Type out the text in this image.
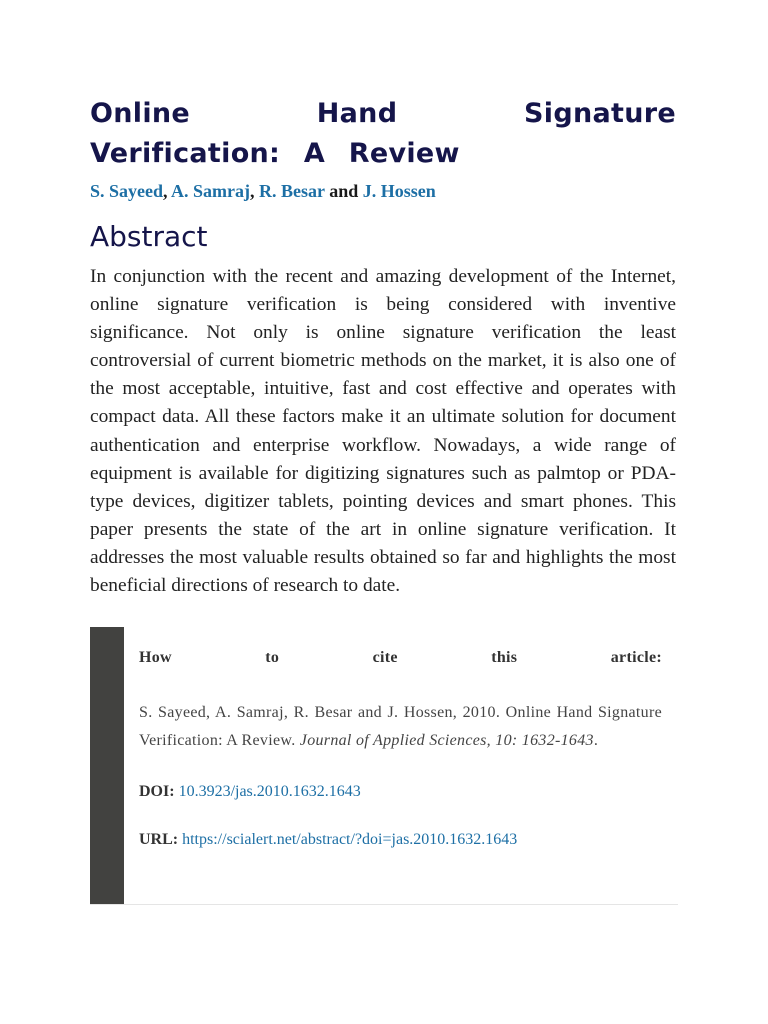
Online Hand Signature Verification: A Review
S. Sayeed, A. Samraj, R. Besar and J. Hossen
Abstract

In conjunction with the recent and amazing development of the Internet, online signature verification is being considered with inventive significance. Not only is online signature verification the least controversial of current biometric methods on the market, it is also one of the most acceptable, intuitive, fast and cost effective and operates with compact data. All these factors make it an ultimate solution for document authentication and enterprise workflow. Nowadays, a wide range of equipment is available for digitizing signatures such as palmtop or PDA-type devices, digitizer tablets, pointing devices and smart phones. This paper presents the state of the art in online signature verification. It addresses the most valuable results obtained so far and highlights the most beneficial directions of research to date.

How to cite this article:
S. Sayeed, A. Samraj, R. Besar and J. Hossen, 2010. Online Hand Signature Verification: A Review. Journal of Applied Sciences, 10: 1632-1643.
DOI: 10.3923/jas.2010.1632.1643
URL: https://scialert.net/abstract/?doi=jas.2010.1632.1643
